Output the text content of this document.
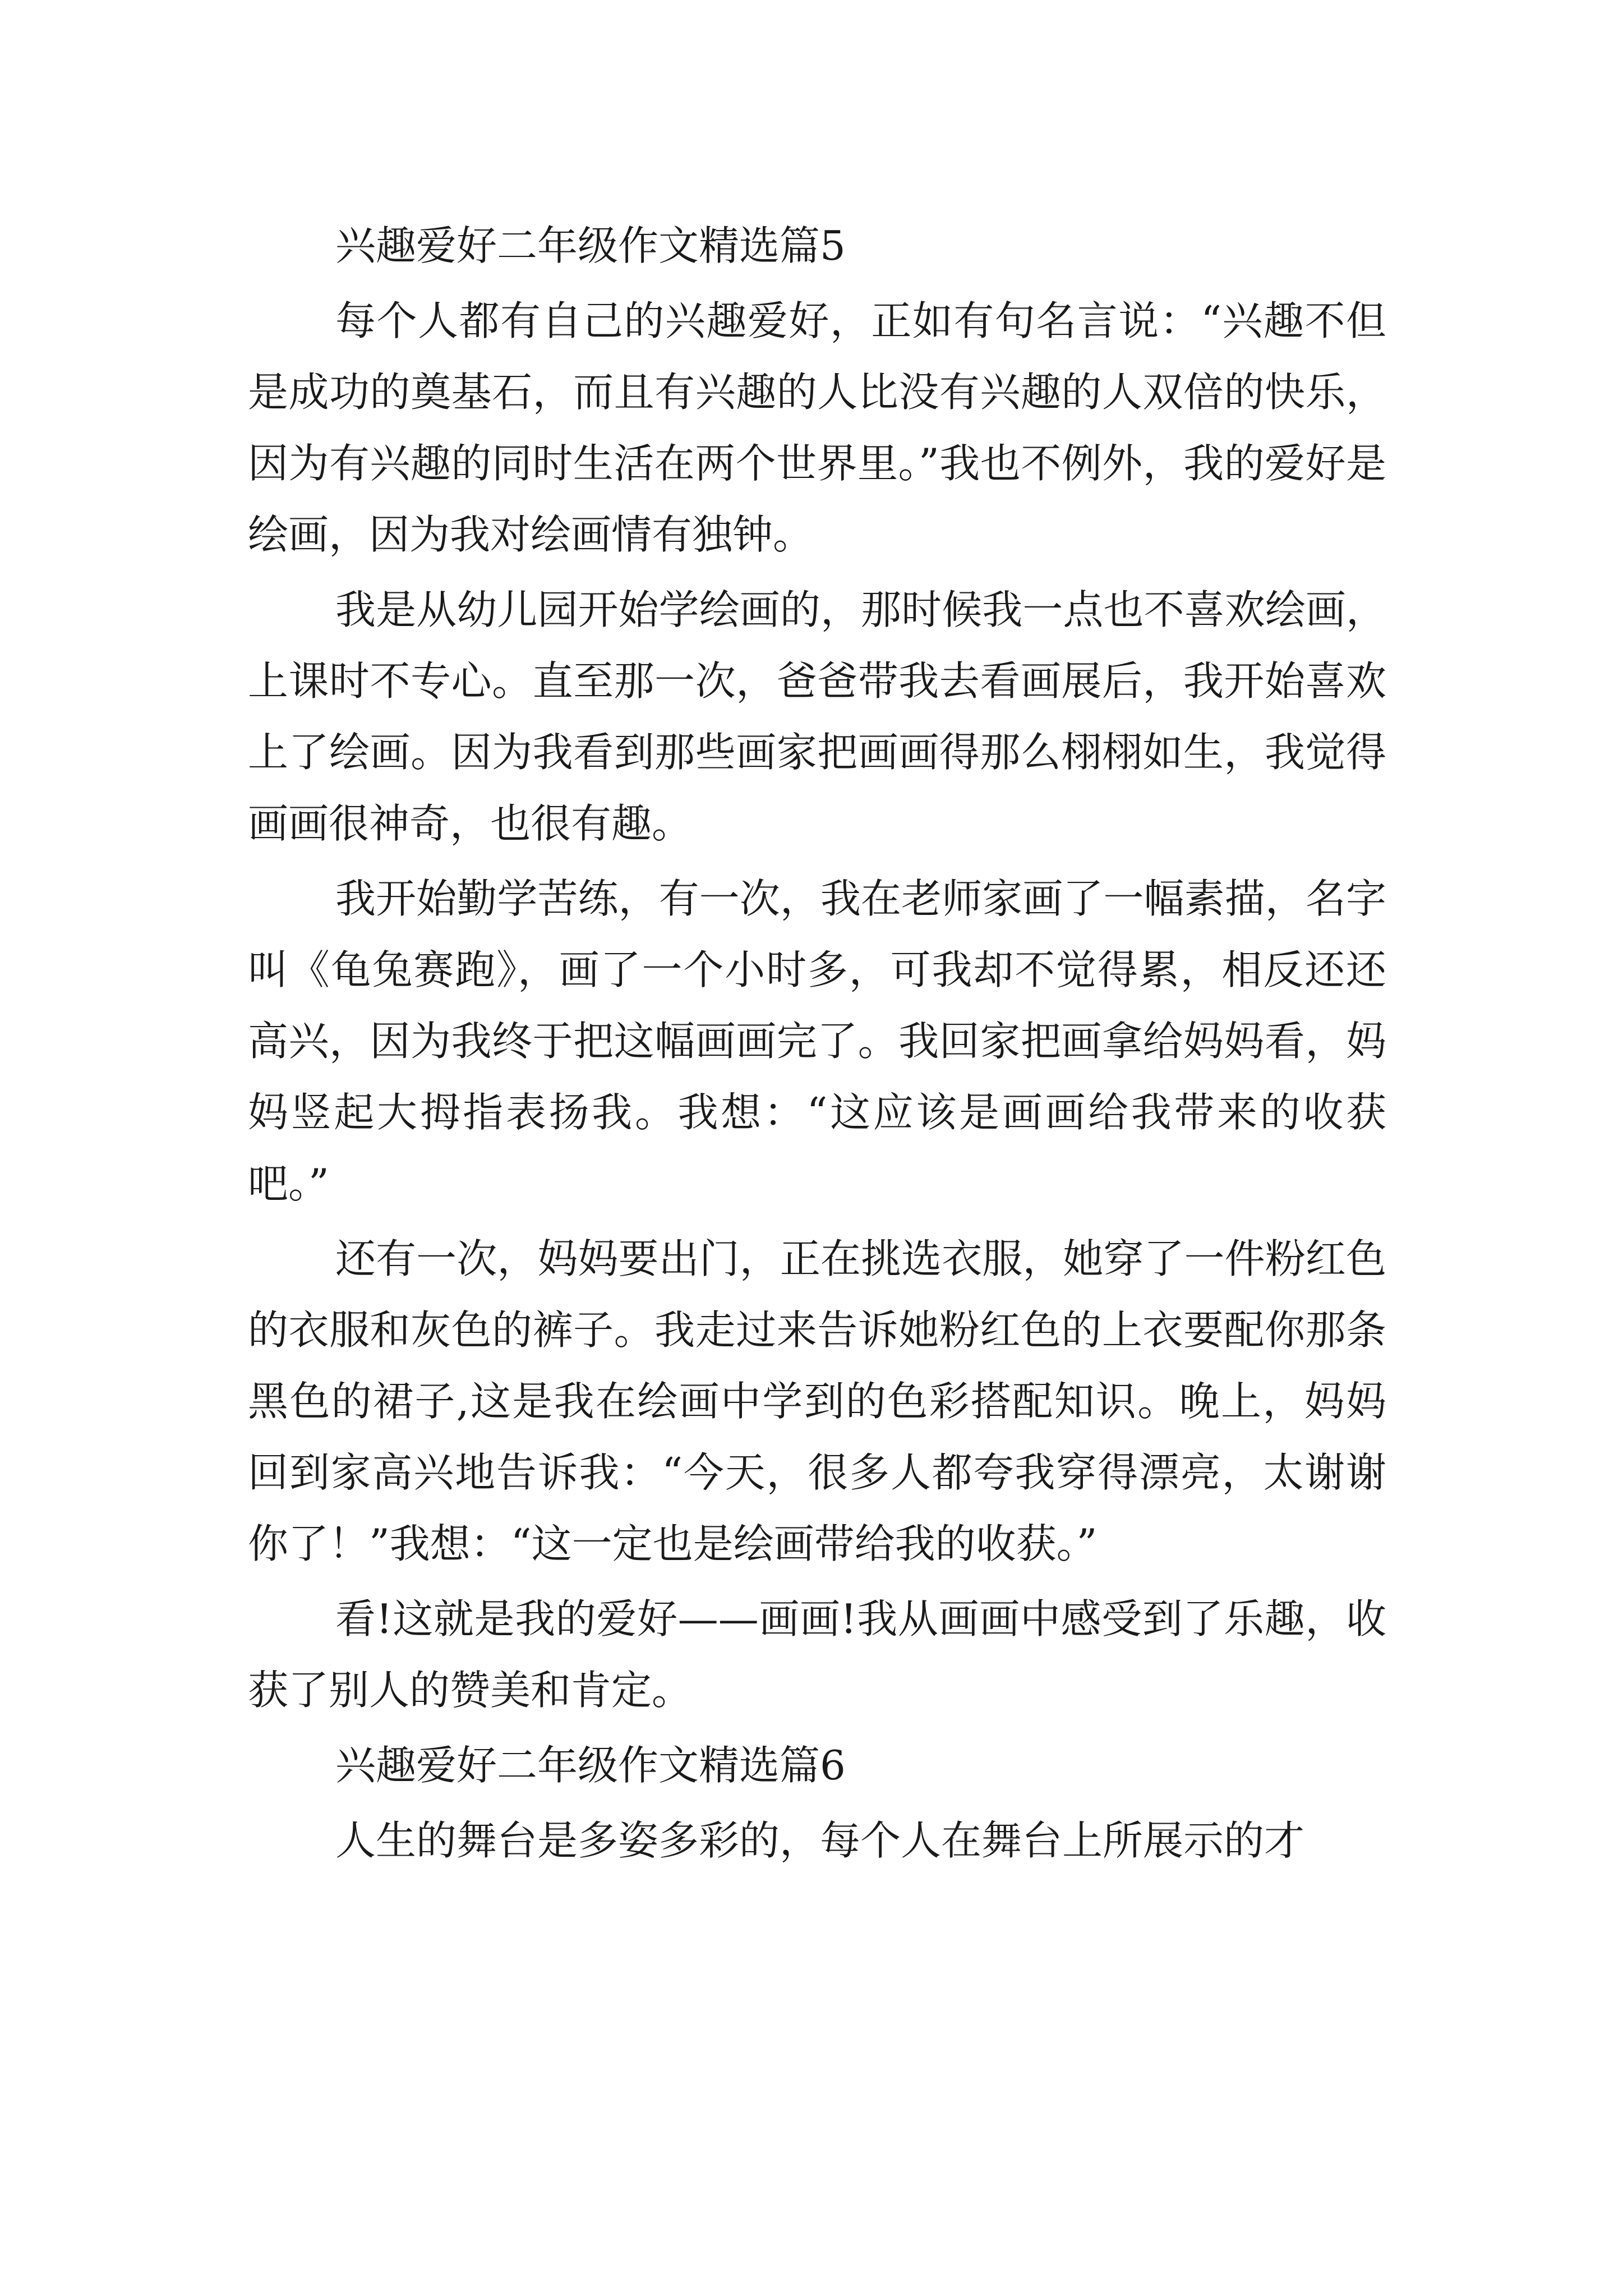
兴趣爱好二年级作文精选篇5

每个人都有自己的兴趣爱好，正如有句名言说：“兴趣不但是成功的奠基石，而且有兴趣的人比没有兴趣的人双倍的快乐，因为有兴趣的同时生活在两个世界里。”我也不例外，我的爱好是绘画，因为我对绘画情有独钟。

我是从幼儿园开始学绘画的，那时候我一点也不喜欢绘画，上课时不专心。直至那一次，爸爸带我去看画展后，我开始喜欢上了绘画。因为我看到那些画家把画画得那么栩栩如生，我觉得画画很神奇，也很有趣。

我开始勤学苦练，有一次，我在老师家画了一幅素描，名字叫《龟兔赛跑》，画了一个小时多，可我却不觉得累，相反还还高兴，因为我终于把这幅画画完了。我回家把画拿给妈妈看，妈妈竖起大拇指表扬我。我想：“这应该是画画给我带来的收获吧。”

还有一次，妈妈要出门，正在挑选衣服，她穿了一件粉红色的衣服和灰色的裤子。我走过来告诉她粉红色的上衣要配你那条黑色的裙子,这是我在绘画中学到的色彩搭配知识。晚上，妈妈回到家高兴地告诉我：“今天，很多人都夸我穿得漂亮，太谢谢你了！”我想：“这一定也是绘画带给我的收获。”

看!这就是我的爱好——画画!我从画画中感受到了乐趣，收获了别人的赞美和肯定。

兴趣爱好二年级作文精选篇6

人生的舞台是多姿多彩的，每个人在舞台上所展示的才
